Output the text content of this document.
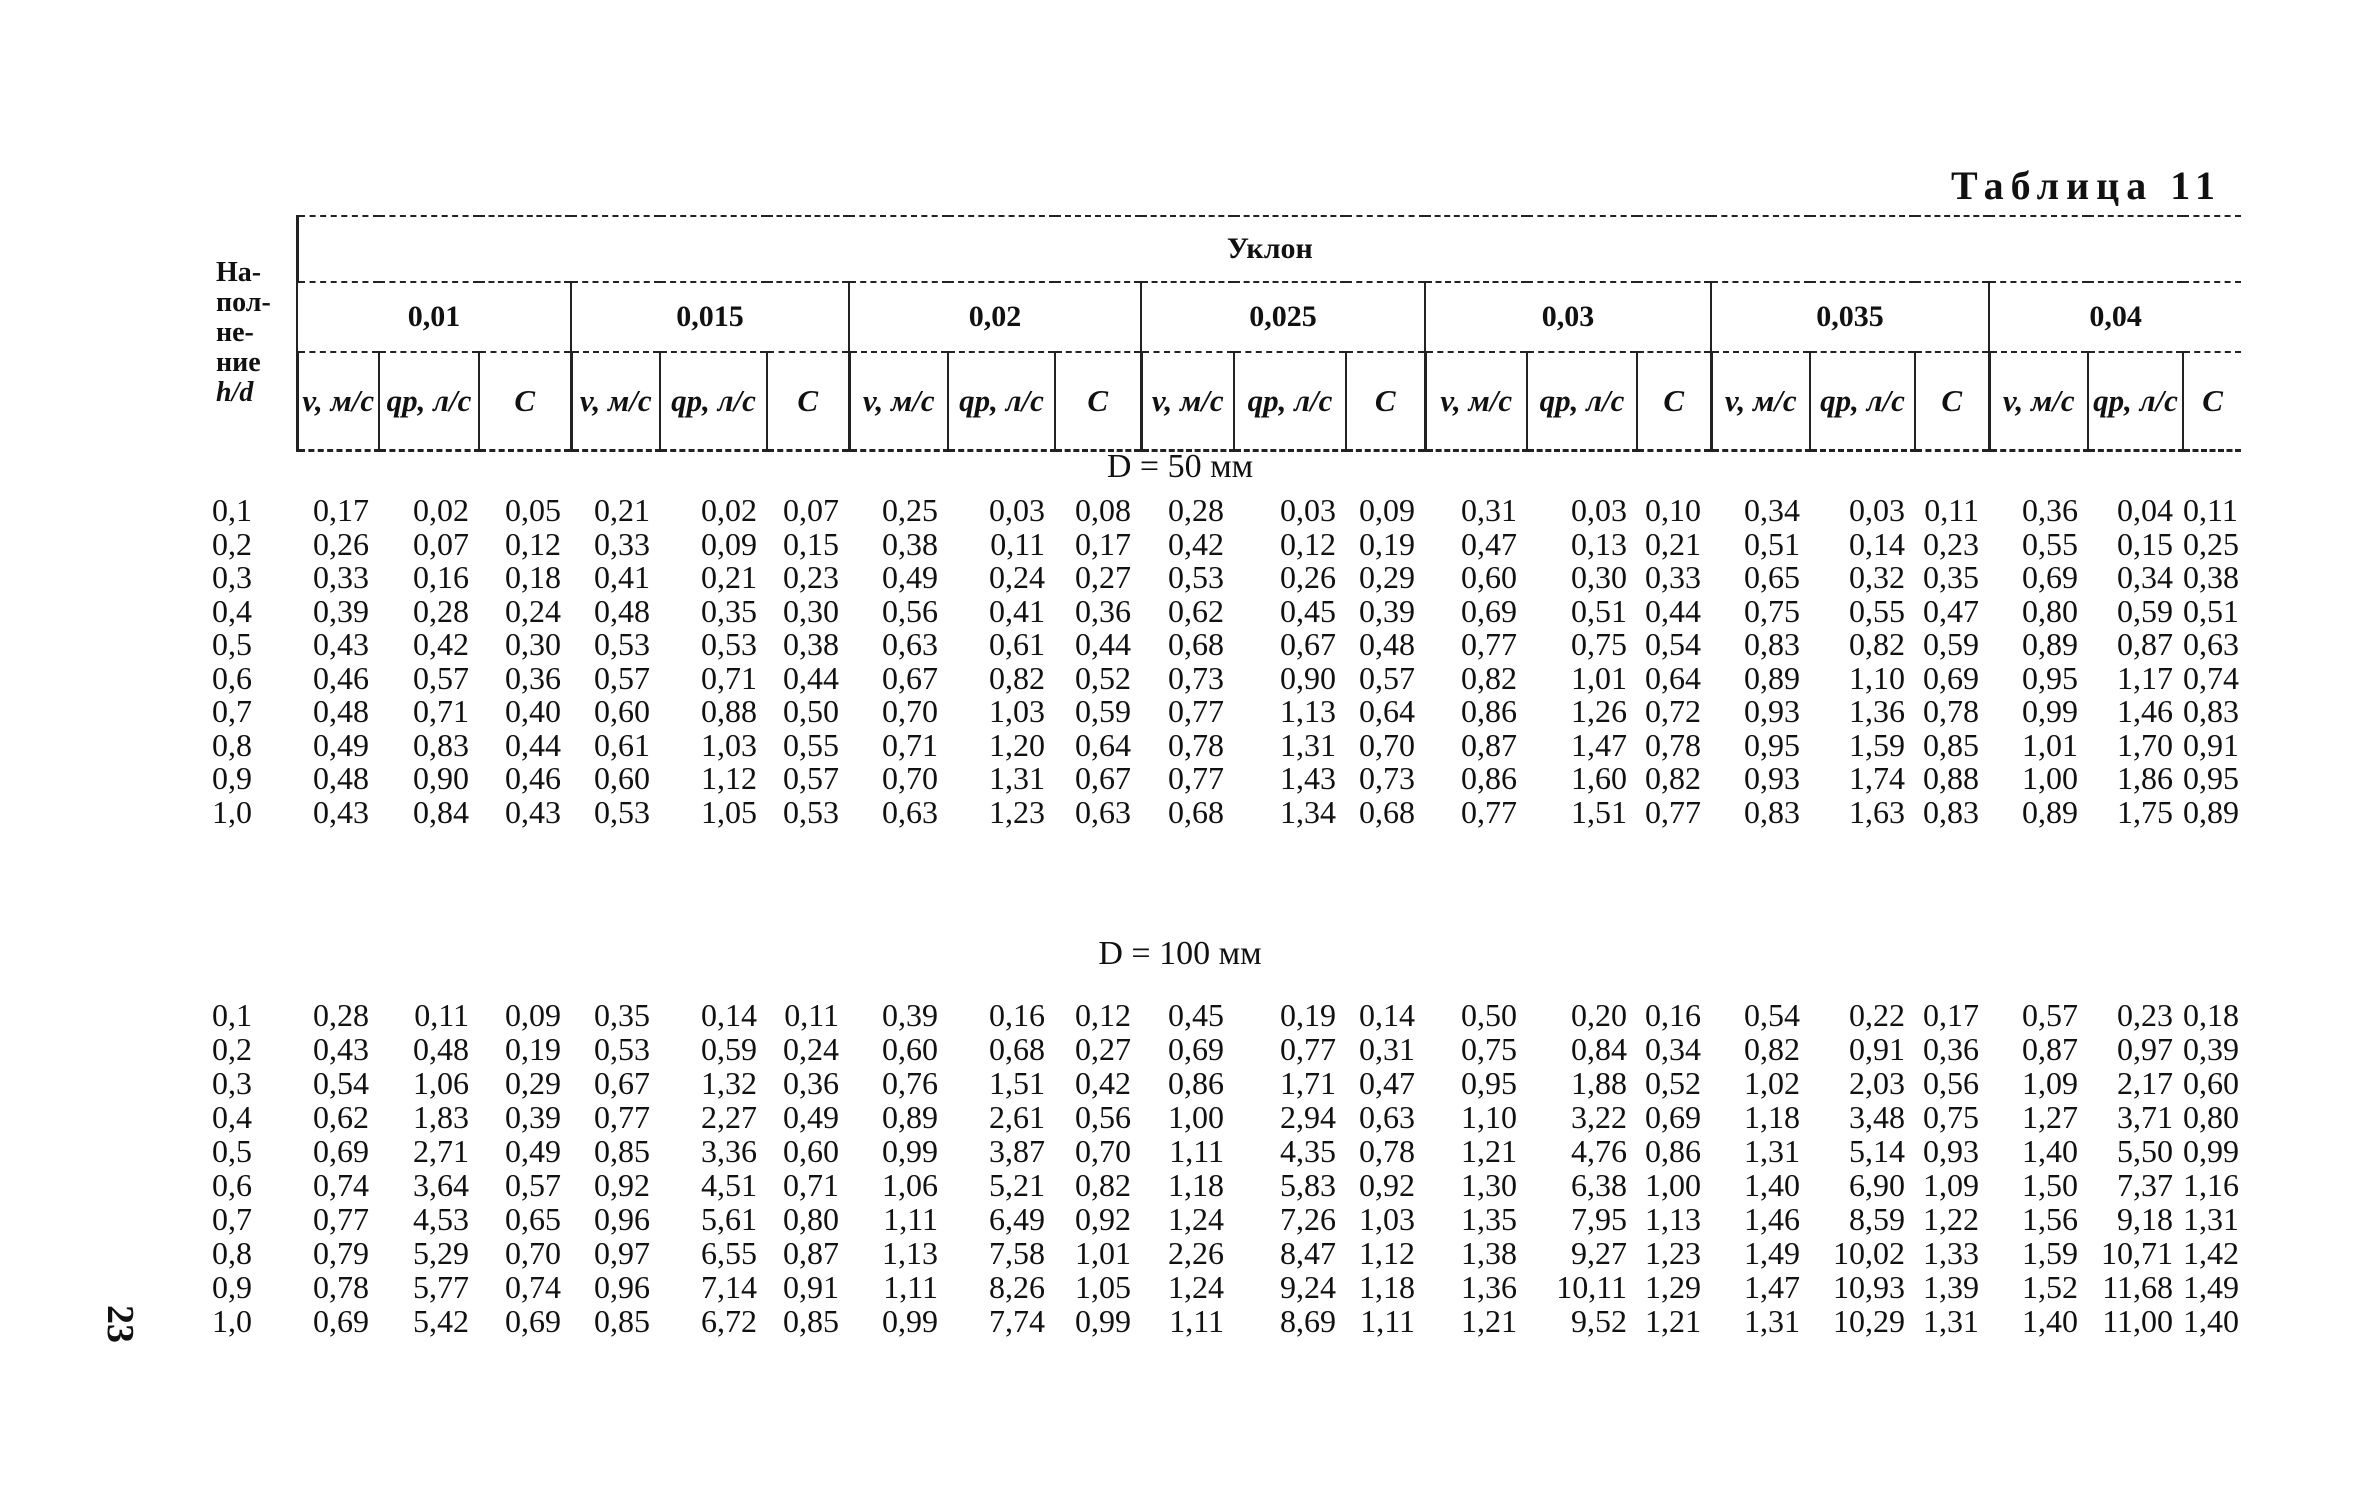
Таблица 11
На-
пол-
не-
ние
h/d	Уклон																				
	0,01			0,015			0,02			0,025			0,03			0,035			0,04		
	v, м/с	qp, л/с	C	v, м/с	qp, л/с	C	v, м/с	qp, л/с	C	v, м/с	qp, л/с	C	v, м/с	qp, л/с	C	v, м/с	qp, л/с	C	v, м/с	qp, л/с	C
D = 50 мм
0,1	0,17	0,02	0,05	0,21	0,02	0,07	0,25	0,03	0,08	0,28	0,03	0,09	0,31	0,03	0,10	0,34	0,03	0,11	0,36	0,04	0,11
0,2	0,26	0,07	0,12	0,33	0,09	0,15	0,38	0,11	0,17	0,42	0,12	0,19	0,47	0,13	0,21	0,51	0,14	0,23	0,55	0,15	0,25
0,3	0,33	0,16	0,18	0,41	0,21	0,23	0,49	0,24	0,27	0,53	0,26	0,29	0,60	0,30	0,33	0,65	0,32	0,35	0,69	0,34	0,38
0,4	0,39	0,28	0,24	0,48	0,35	0,30	0,56	0,41	0,36	0,62	0,45	0,39	0,69	0,51	0,44	0,75	0,55	0,47	0,80	0,59	0,51
0,5	0,43	0,42	0,30	0,53	0,53	0,38	0,63	0,61	0,44	0,68	0,67	0,48	0,77	0,75	0,54	0,83	0,82	0,59	0,89	0,87	0,63
0,6	0,46	0,57	0,36	0,57	0,71	0,44	0,67	0,82	0,52	0,73	0,90	0,57	0,82	1,01	0,64	0,89	1,10	0,69	0,95	1,17	0,74
0,7	0,48	0,71	0,40	0,60	0,88	0,50	0,70	1,03	0,59	0,77	1,13	0,64	0,86	1,26	0,72	0,93	1,36	0,78	0,99	1,46	0,83
0,8	0,49	0,83	0,44	0,61	1,03	0,55	0,71	1,20	0,64	0,78	1,31	0,70	0,87	1,47	0,78	0,95	1,59	0,85	1,01	1,70	0,91
0,9	0,48	0,90	0,46	0,60	1,12	0,57	0,70	1,31	0,67	0,77	1,43	0,73	0,86	1,60	0,82	0,93	1,74	0,88	1,00	1,86	0,95
1,0	0,43	0,84	0,43	0,53	1,05	0,53	0,63	1,23	0,63	0,68	1,34	0,68	0,77	1,51	0,77	0,83	1,63	0,83	0,89	1,75	0,89
D = 100 мм
0,1	0,28	0,11	0,09	0,35	0,14	0,11	0,39	0,16	0,12	0,45	0,19	0,14	0,50	0,20	0,16	0,54	0,22	0,17	0,57	0,23	0,18
0,2	0,43	0,48	0,19	0,53	0,59	0,24	0,60	0,68	0,27	0,69	0,77	0,31	0,75	0,84	0,34	0,82	0,91	0,36	0,87	0,97	0,39
0,3	0,54	1,06	0,29	0,67	1,32	0,36	0,76	1,51	0,42	0,86	1,71	0,47	0,95	1,88	0,52	1,02	2,03	0,56	1,09	2,17	0,60
0,4	0,62	1,83	0,39	0,77	2,27	0,49	0,89	2,61	0,56	1,00	2,94	0,63	1,10	3,22	0,69	1,18	3,48	0,75	1,27	3,71	0,80
0,5	0,69	2,71	0,49	0,85	3,36	0,60	0,99	3,87	0,70	1,11	4,35	0,78	1,21	4,76	0,86	1,31	5,14	0,93	1,40	5,50	0,99
0,6	0,74	3,64	0,57	0,92	4,51	0,71	1,06	5,21	0,82	1,18	5,83	0,92	1,30	6,38	1,00	1,40	6,90	1,09	1,50	7,37	1,16
0,7	0,77	4,53	0,65	0,96	5,61	0,80	1,11	6,49	0,92	1,24	7,26	1,03	1,35	7,95	1,13	1,46	8,59	1,22	1,56	9,18	1,31
0,8	0,79	5,29	0,70	0,97	6,55	0,87	1,13	7,58	1,01	2,26	8,47	1,12	1,38	9,27	1,23	1,49	10,02	1,33	1,59	10,71	1,42
0,9	0,78	5,77	0,74	0,96	7,14	0,91	1,11	8,26	1,05	1,24	9,24	1,18	1,36	10,11	1,29	1,47	10,93	1,39	1,52	11,68	1,49
1,0	0,69	5,42	0,69	0,85	6,72	0,85	0,99	7,74	0,99	1,11	8,69	1,11	1,21	9,52	1,21	1,31	10,29	1,31	1,40	11,00	1,40
23
